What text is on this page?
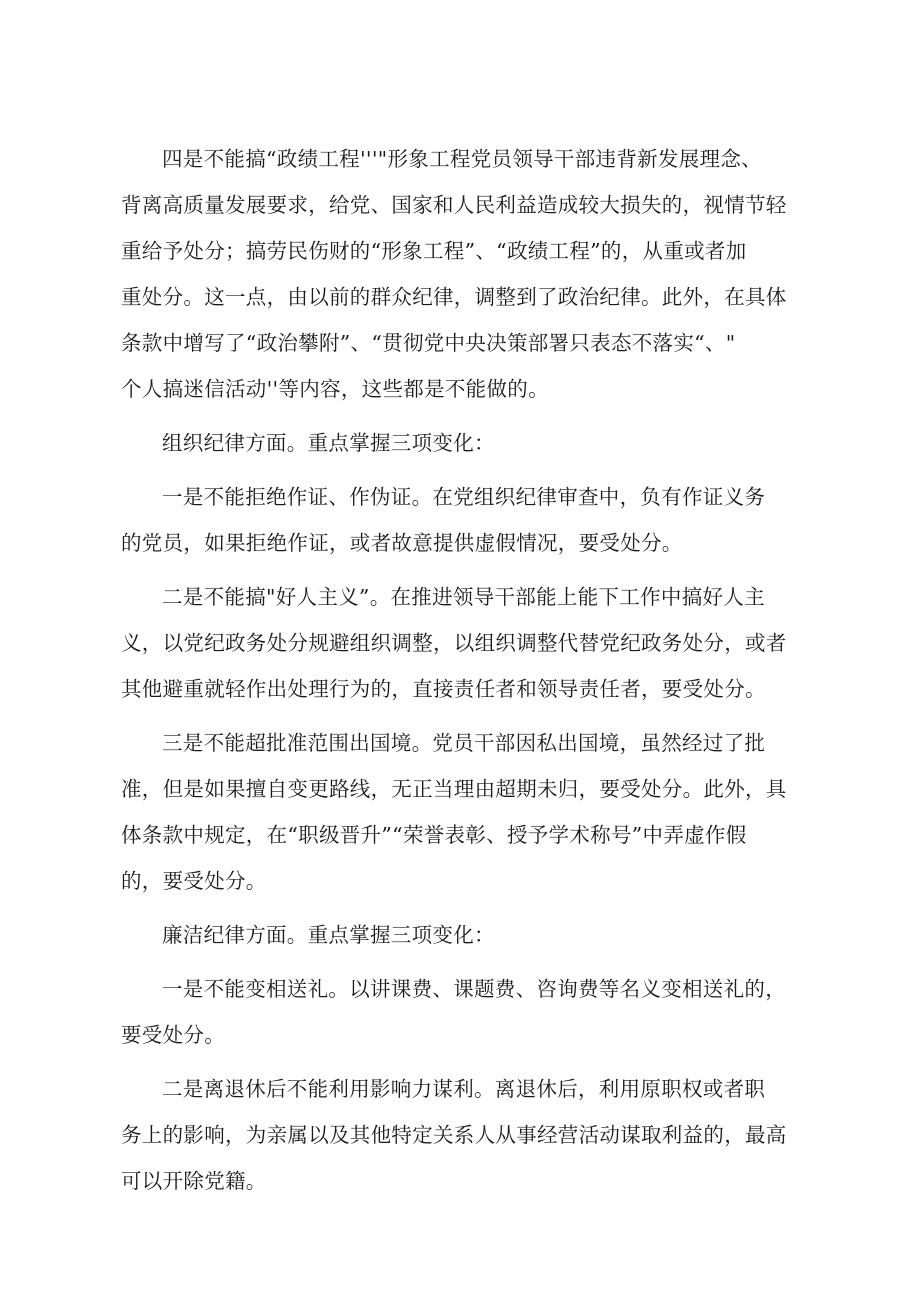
四是不能搞“政绩工程'''"形象工程党员领导干部违背新发展理念、
背离高质量发展要求，给党、国家和人民利益造成较大损失的，视情节轻
重给予处分；搞劳民伤财的“形象工程”、“政绩工程”的，从重或者加
重处分。这一点，由以前的群众纪律，调整到了政治纪律。此外，在具体
条款中增写了“政治攀附”、“贯彻党中央决策部署只表态不落实“、"
个人搞迷信活动''等内容，这些都是不能做的。
组织纪律方面。重点掌握三项变化：
一是不能拒绝作证、作伪证。在党组织纪律审查中，负有作证义务
的党员，如果拒绝作证，或者故意提供虚假情况，要受处分。
二是不能搞"好人主义”。在推进领导干部能上能下工作中搞好人主
义，以党纪政务处分规避组织调整，以组织调整代替党纪政务处分，或者
其他避重就轻作出处理行为的，直接责任者和领导责任者，要受处分。
三是不能超批准范围出国境。党员干部因私出国境，虽然经过了批
准，但是如果擅自变更路线，无正当理由超期未归，要受处分。此外，具
体条款中规定，在“职级晋升”“荣誉表彰、授予学术称号”中弄虚作假
的，要受处分。
廉洁纪律方面。重点掌握三项变化：
一是不能变相送礼。以讲课费、课题费、咨询费等名义变相送礼的，
要受处分。
二是离退休后不能利用影响力谋利。离退休后，利用原职权或者职
务上的影响，为亲属以及其他特定关系人从事经营活动谋取利益的，最高
可以开除党籍。
